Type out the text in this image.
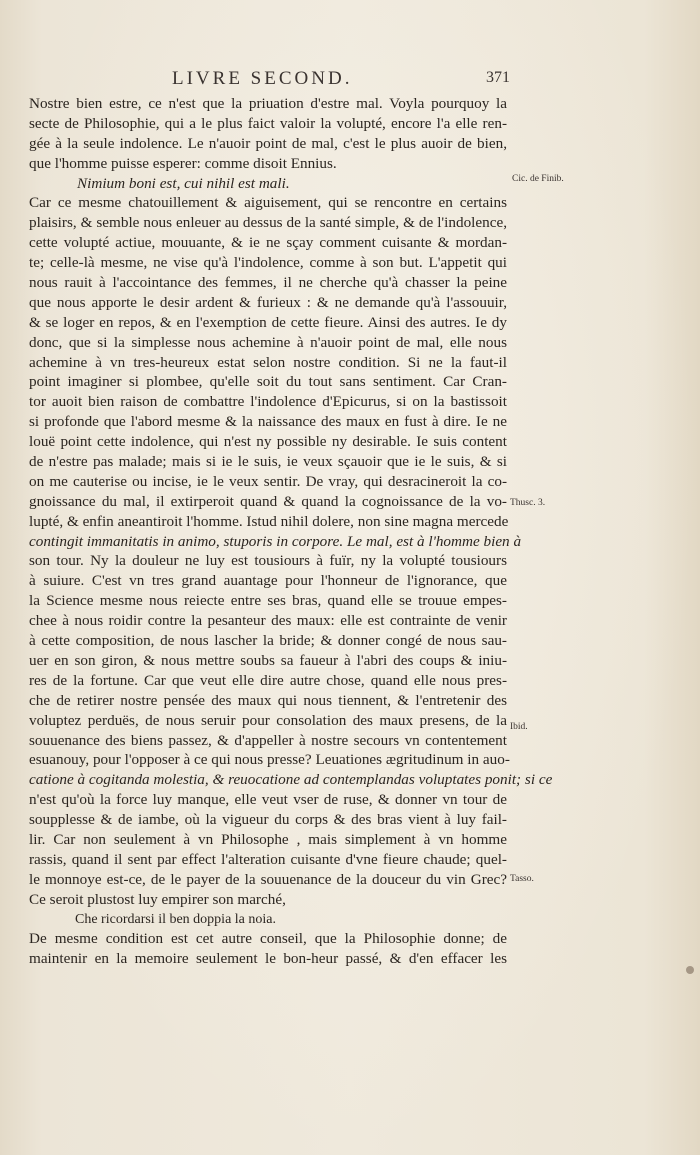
LIVRE SECOND.	371
Nostre bien estre, ce n'est que la priuation d'estre mal. Voyla pourquoy la
secte de Philosophie, qui a le plus faict valoir la volupté, encore l'a elle ren-
gée à la seule indolence. Le n'auoir point de mal, c'est le plus auoir de bien,
que l'homme puisse esperer: comme disoit Ennius.
Nimium boni est, cui nihil est mali.
Car ce mesme chatouillement & aiguisement, qui se rencontre en certains
plaisirs, & semble nous enleuer au dessus de la santé simple, & de l'indolence,
cette volupté actiue, mouuante, & ie ne sçay comment cuisante & mordan-
te; celle-là mesme, ne vise qu'à l'indolence, comme à son but. L'appetit qui
nous rauit à l'accointance des femmes, il ne cherche qu'à chasser la peine
que nous apporte le desir ardent & furieux : & ne demande qu'à l'assouuir,
& se loger en repos, & en l'exemption de cette fieure. Ainsi des autres. Ie dy
donc, que si la simplesse nous achemine à n'auoir point de mal, elle nous
achemine à vn tres-heureux estat selon nostre condition. Si ne la faut-il
point imaginer si plombee, qu'elle soit du tout sans sentiment. Car Cran-
tor auoit bien raison de combattre l'indolence d'Epicurus, si on la bastissoit
si profonde que l'abord mesme & la naissance des maux en fust à dire. Ie ne
louë point cette indolence, qui n'est ny possible ny desirable. Ie suis content
de n'estre pas malade; mais si ie le suis, ie veux sçauoir que ie le suis, & si
on me cauterise ou incise, ie le veux sentir. De vray, qui desracineroit la co-
gnoissance du mal, il extirperoit quand & quand la cognoissance de la vo-
lupté, & enfin aneantiroit l'homme. Istud nihil dolere, non sine magna mercede
contingit immanitatis in animo, stuporis in corpore. Le mal, est à l'homme bien à
son tour. Ny la douleur ne luy est tousiours à fuïr, ny la volupté tousiours
à suiure. C'est vn tres grand auantage pour l'honneur de l'ignorance, que
la Science mesme nous reiecte entre ses bras, quand elle se trouue empes-
chee à nous roidir contre la pesanteur des maux: elle est contrainte de venir
à cette composition, de nous lascher la bride; & donner congé de nous sau-
uer en son giron, & nous mettre soubs sa faueur à l'abri des coups & iniu-
res de la fortune. Car que veut elle dire autre chose, quand elle nous pres-
che de retirer nostre pensée des maux qui nous tiennent, & l'entretenir des
voluptez perduës, de nous seruir pour consolation des maux presens, de la
souuenance des biens passez, & d'appeller à nostre secours vn contentement
esuanouy, pour l'opposer à ce qui nous presse? Leuationes ægritudinum in auo-
catione à cogitanda molestia, & reuocatione ad contemplandas voluptates ponit; si ce
n'est qu'où la force luy manque, elle veut vser de ruse, & donner vn tour de
soupplesse & de iambe, où la vigueur du corps & des bras vient à luy fail-
lir. Car non seulement à vn Philosophe , mais simplement à vn homme
rassis, quand il sent par effect l'alteration cuisante d'vne fieure chaude; quel-
le monnoye est-ce, de le payer de la souuenance de la douceur du vin Grec?
Ce seroit plustost luy empirer son marché,
Che ricordarsi il ben doppia la noia.
De mesme condition est cet autre conseil, que la Philosophie donne; de
maintenir en la memoire seulement le bon-heur passé, & d'en effacer les
Cic. de Finib.
Thusc. 3.
Ibid.
Tasso.
